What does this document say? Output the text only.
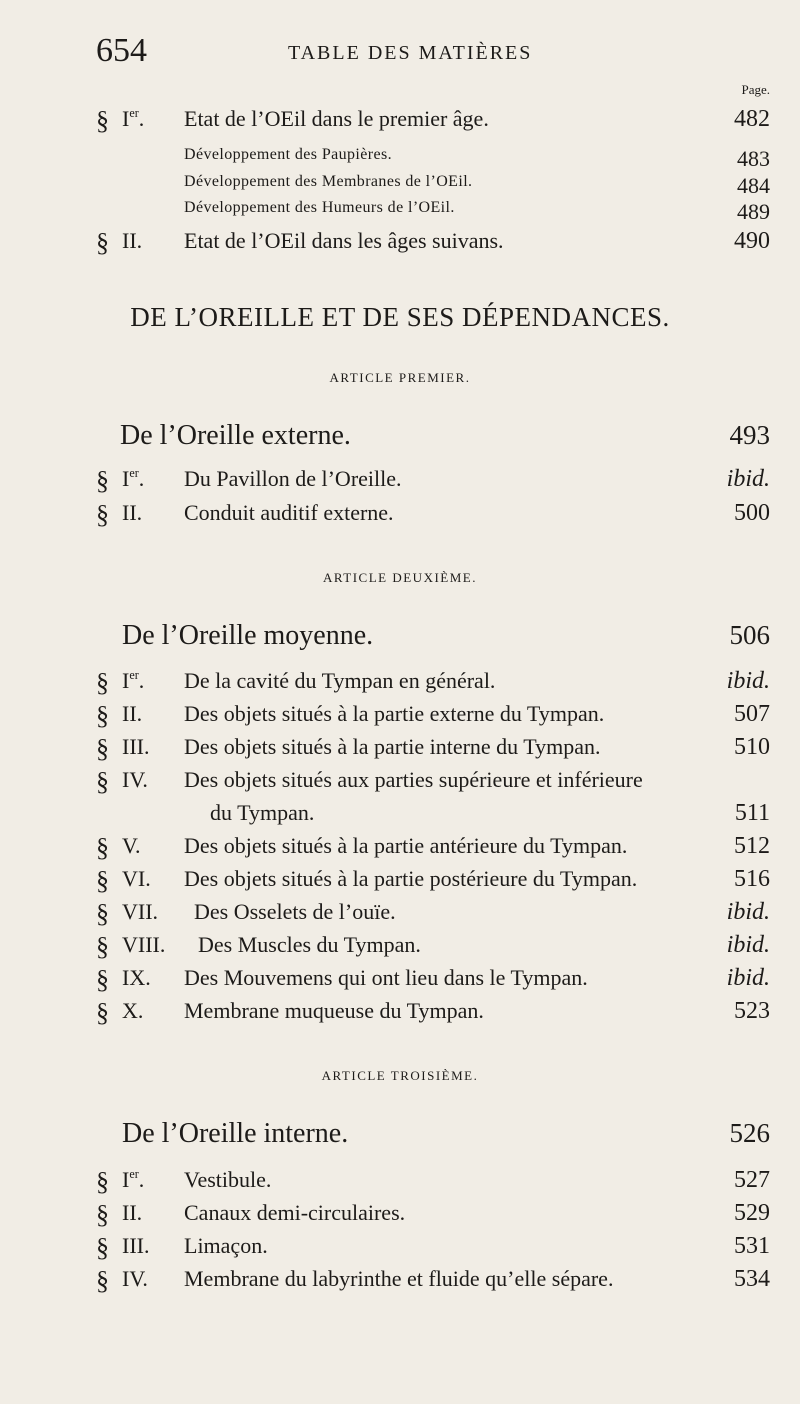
654	TABLE DES MATIÈRES
Page.
§ Ier. Etat de l’OEil dans le premier âge.	482
Développement des Paupières.	483
Développement des Membranes de l’OEil.	484
Développement des Humeurs de l’OEil.	489
§ II. Etat de l’OEil dans les âges suivans.	490
DE L’OREILLE ET DE SES DÉPENDANCES.
ARTICLE PREMIER.
De l’Oreille externe.	493
§ Ier. Du Pavillon de l’Oreille.	ibid.
§ II. Conduit auditif externe.	500
ARTICLE DEUXIÈME.
De l’Oreille moyenne.	506
§ Ier. De la cavité du Tympan en général.	ibid.
§ II. Des objets situés à la partie externe du Tympan.	507
§ III. Des objets situés à la partie interne du Tympan.	510
§ IV. Des objets situés aux parties supérieure et inférieure
du Tympan.	511
§ V. Des objets situés à la partie antérieure du Tympan.	512
§ VI. Des objets situés à la partie postérieure du Tympan.	516
§ VII. Des Osselets de l’ouïe.	ibid.
§ VIII. Des Muscles du Tympan.	ibid.
§ IX. Des Mouvemens qui ont lieu dans le Tympan.	ibid.
§ X. Membrane muqueuse du Tympan.	523
ARTICLE TROISIÈME.
De l’Oreille interne.	526
§ Ier. Vestibule.	527
§ II. Canaux demi-circulaires.	529
§ III. Limaçon.	531
§ IV. Membrane du labyrinthe et fluide qu’elle sépare.	534
